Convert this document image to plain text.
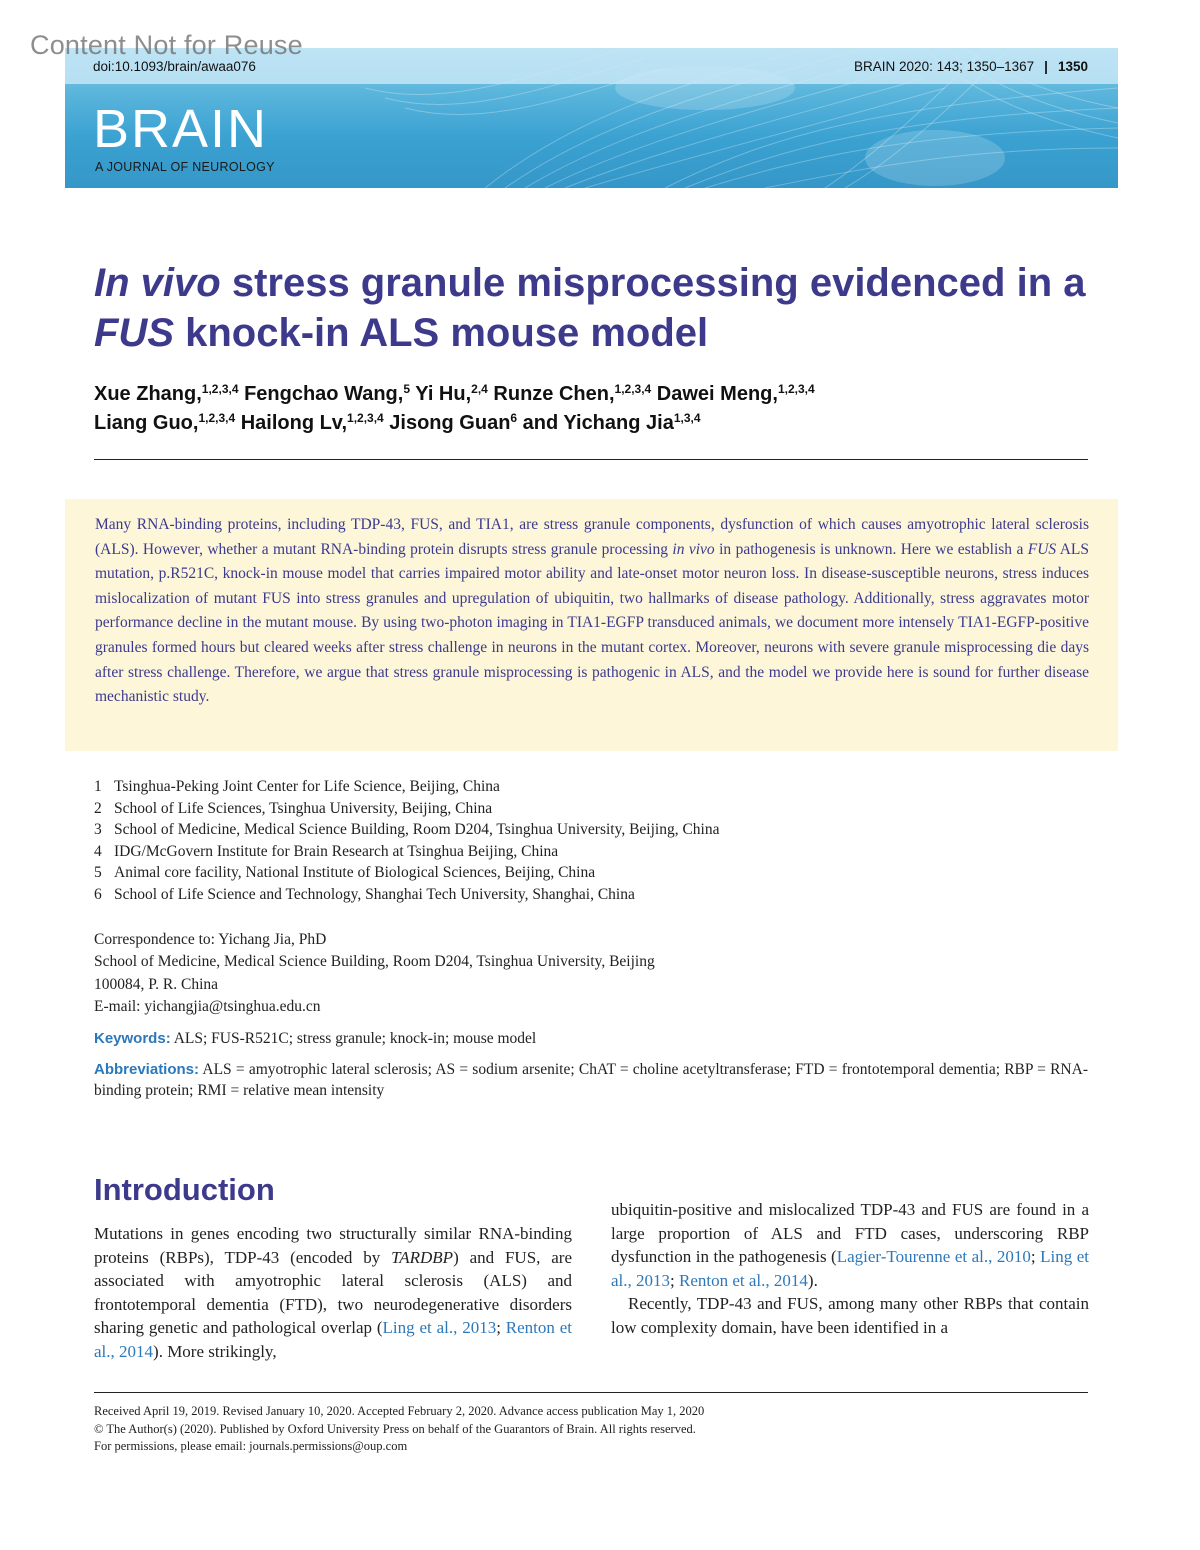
Content Not for Reuse
doi:10.1093/brain/awaa076	BRAIN 2020: 143; 1350–1367 | 1350
BRAIN
A JOURNAL OF NEUROLOGY
In vivo stress granule misprocessing evidenced in a FUS knock-in ALS mouse model
Xue Zhang,$^{1,2,3,4}$ Fengchao Wang,$^5$ Yi Hu,$^{2,4}$ Runze Chen,$^{1,2,3,4}$ Dawei Meng,$^{1,2,3,4}$
Liang Guo,$^{1,2,3,4}$ Hailong Lv,$^{1,2,3,4}$ Jisong Guan$^6$ and Yichang Jia$^{1,3,4}$

Many RNA-binding proteins, including TDP-43, FUS, and TIA1, are stress granule components, dysfunction of which causes amyotrophic lateral sclerosis (ALS). However, whether a mutant RNA-binding protein disrupts stress granule processing in vivo in pathogenesis is unknown. Here we establish a FUS ALS mutation, p.R521C, knock-in mouse model that carries impaired motor ability and late-onset motor neuron loss. In disease-susceptible neurons, stress induces mislocalization of mutant FUS into stress granules and upregulation of ubiquitin, two hallmarks of disease pathology. Additionally, stress aggravates motor performance decline in the mutant mouse. By using two-photon imaging in TIA1-EGFP transduced animals, we document more intensely TIA1-EGFP-positive granules formed hours but cleared weeks after stress challenge in neurons in the mutant cortex. Moreover, neurons with severe granule misprocessing die days after stress challenge. Therefore, we argue that stress granule misprocessing is pathogenic in ALS, and the model we provide here is sound for further disease mechanistic study.

1 Tsinghua-Peking Joint Center for Life Science, Beijing, China
2 School of Life Sciences, Tsinghua University, Beijing, China
3 School of Medicine, Medical Science Building, Room D204, Tsinghua University, Beijing, China
4 IDG/McGovern Institute for Brain Research at Tsinghua Beijing, China
5 Animal core facility, National Institute of Biological Sciences, Beijing, China
6 School of Life Science and Technology, Shanghai Tech University, Shanghai, China
Correspondence to: Yichang Jia, PhD
School of Medicine, Medical Science Building, Room D204, Tsinghua University, Beijing
100084, P. R. China
E-mail: yichangjia@tsinghua.edu.cn
Keywords: ALS; FUS-R521C; stress granule; knock-in; mouse model
Abbreviations: ALS = amyotrophic lateral sclerosis; AS = sodium arsenite; ChAT = choline acetyltransferase; FTD = frontotemporal dementia; RBP = RNA-binding protein; RMI = relative mean intensity
Introduction

Mutations in genes encoding two structurally similar RNA-binding proteins (RBPs), TDP-43 (encoded by TARDBP) and FUS, are associated with amyotrophic lateral sclerosis (ALS) and frontotemporal dementia (FTD), two neurodegenerative disorders sharing genetic and pathological overlap (Ling et al., 2013; Renton et al., 2014). More strikingly,

ubiquitin-positive and mislocalized TDP-43 and FUS are found in a large proportion of ALS and FTD cases, underscoring RBP dysfunction in the pathogenesis (Lagier-Tourenne et al., 2010; Ling et al., 2013; Renton et al., 2014).

Recently, TDP-43 and FUS, among many other RBPs that contain low complexity domain, have been identified in a

Received April 19, 2019. Revised January 10, 2020. Accepted February 2, 2020. Advance access publication May 1, 2020
© The Author(s) (2020). Published by Oxford University Press on behalf of the Guarantors of Brain. All rights reserved.
For permissions, please email: journals.permissions@oup.com
